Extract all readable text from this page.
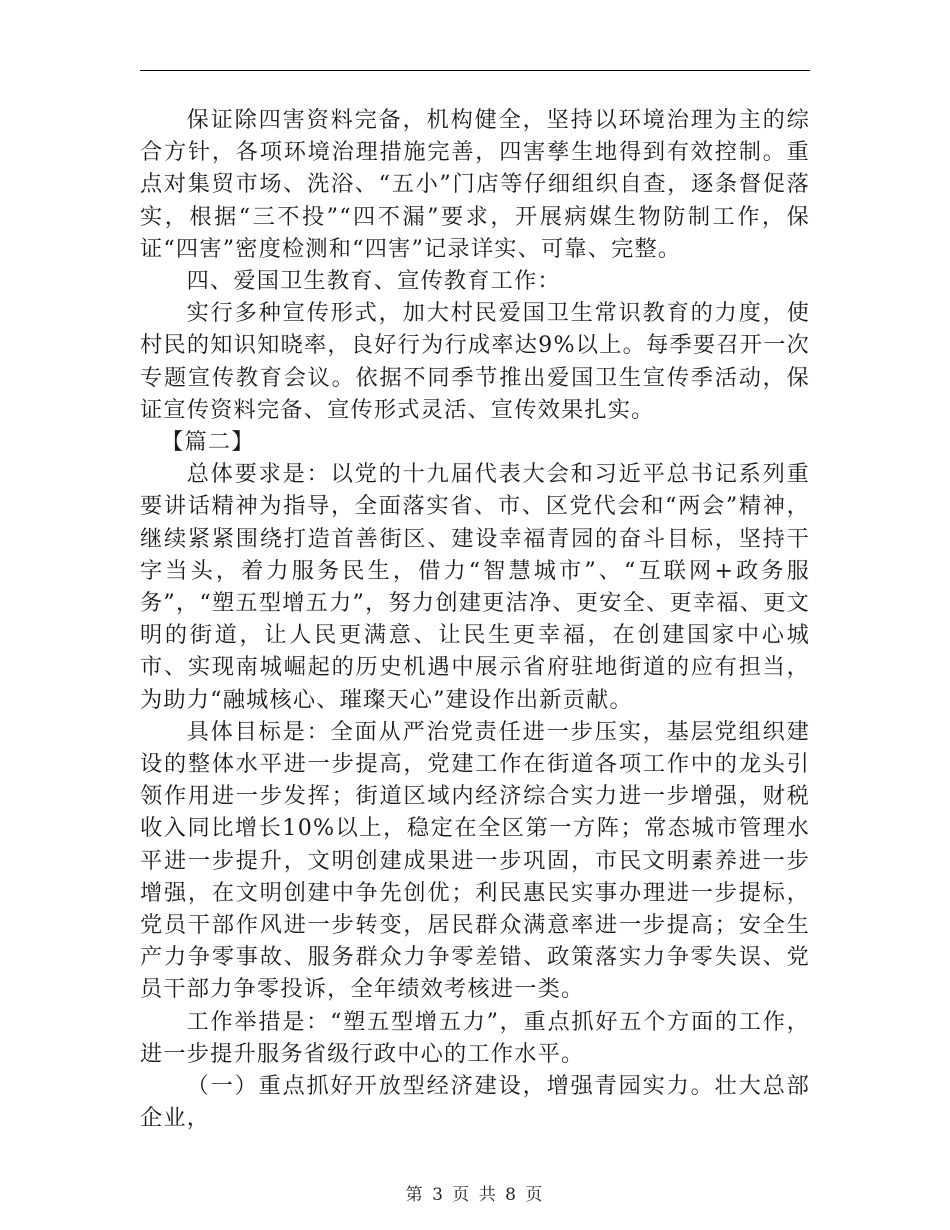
保证除四害资料完备，机构健全，坚持以环境治理为主的综合方针，各项环境治理措施完善，四害孳生地得到有效控制。重点对集贸市场、洗浴、“五小”门店等仔细组织自查，逐条督促落实，根据“三不投”“四不漏”要求，开展病媒生物防制工作，保证“四害”密度检测和“四害”记录详实、可靠、完整。

四、爱国卫生教育、宣传教育工作：

实行多种宣传形式，加大村民爱国卫生常识教育的力度，使村民的知识知晓率，良好行为行成率达9%以上。每季要召开一次专题宣传教育会议。依据不同季节推出爱国卫生宣传季活动，保证宣传资料完备、宣传形式灵活、宣传效果扎实。

【篇二】

总体要求是：以党的十九届代表大会和习近平总书记系列重要讲话精神为指导，全面落实省、市、区党代会和“两会”精神，继续紧紧围绕打造首善街区、建设幸福青园的奋斗目标，坚持干字当头，着力服务民生，借力“智慧城市”、“互联网+政务服务”，“塑五型增五力”，努力创建更洁净、更安全、更幸福、更文明的街道，让人民更满意、让民生更幸福，在创建国家中心城市、实现南城崛起的历史机遇中展示省府驻地街道的应有担当，为助力“融城核心、璀璨天心”建设作出新贡献。

具体目标是：全面从严治党责任进一步压实，基层党组织建设的整体水平进一步提高，党建工作在街道各项工作中的龙头引领作用进一步发挥；街道区域内经济综合实力进一步增强，财税收入同比增长10%以上，稳定在全区第一方阵；常态城市管理水平进一步提升，文明创建成果进一步巩固，市民文明素养进一步增强，在文明创建中争先创优；利民惠民实事办理进一步提标，党员干部作风进一步转变，居民群众满意率进一步提高；安全生产力争零事故、服务群众力争零差错、政策落实力争零失误、党员干部力争零投诉，全年绩效考核进一类。

工作举措是：“塑五型增五力”，重点抓好五个方面的工作，进一步提升服务省级行政中心的工作水平。

（一）重点抓好开放型经济建设，增强青园实力。壮大总部企业，

第 3 页 共 8 页
